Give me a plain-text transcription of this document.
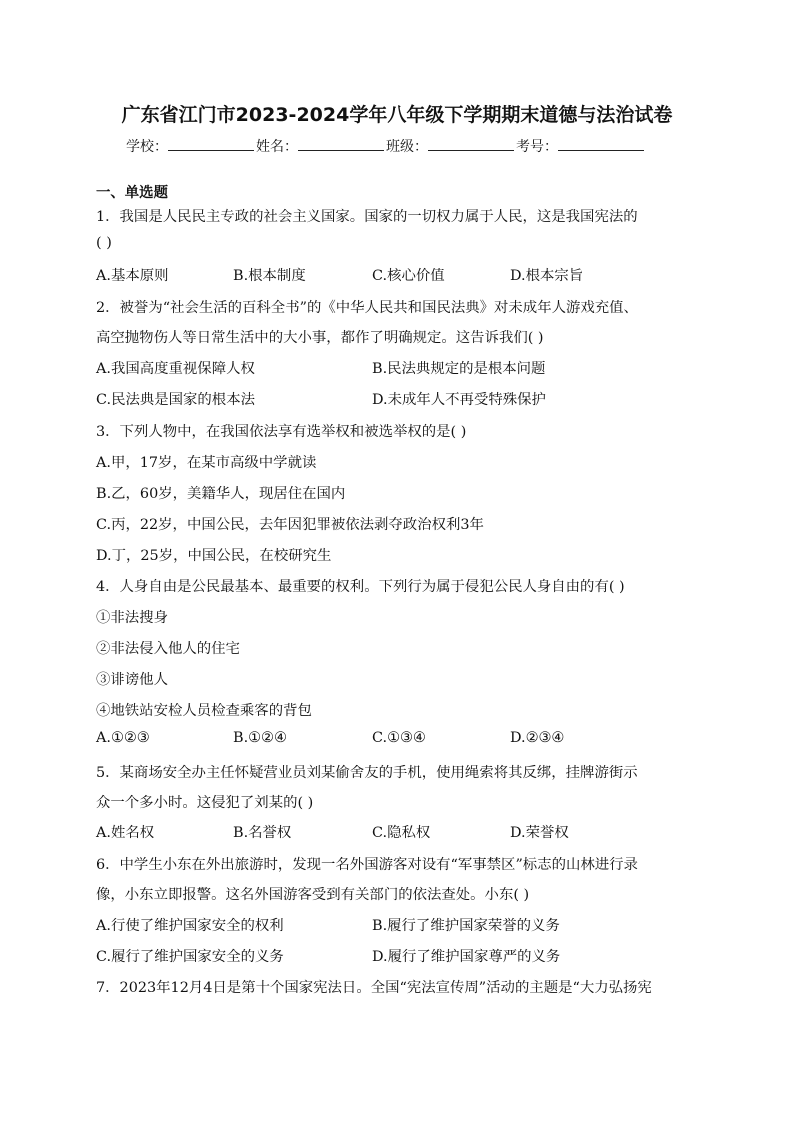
广东省江门市2023-2024学年八年级下学期期末道德与法治试卷
学校：	姓名：	班级：	考号：
一、单选题
1．我国是人民民主专政的社会主义国家。国家的一切权力属于人民，这是我国宪法的
( )
A.基本原则	B.根本制度	C.核心价值	D.根本宗旨
2．被誉为“社会生活的百科全书”的《中华人民共和国民法典》对未成年人游戏充值、
高空抛物伤人等日常生活中的大小事，都作了明确规定。这告诉我们( )
A.我国高度重视保障人权	B.民法典规定的是根本问题
C.民法典是国家的根本法	D.未成年人不再受特殊保护
3．下列人物中，在我国依法享有选举权和被选举权的是( )
A.甲，17岁，在某市高级中学就读
B.乙，60岁，美籍华人，现居住在国内
C.丙，22岁，中国公民，去年因犯罪被依法剥夺政治权利3年
D.丁，25岁，中国公民，在校研究生
4．人身自由是公民最基本、最重要的权利。下列行为属于侵犯公民人身自由的有( )
①非法搜身
②非法侵入他人的住宅
③诽谤他人
④地铁站安检人员检查乘客的背包
A.①②③	B.①②④	C.①③④	D.②③④
5．某商场安全办主任怀疑营业员刘某偷舍友的手机，使用绳索将其反绑，挂牌游街示
众一个多小时。这侵犯了刘某的( )
A.姓名权	B.名誉权	C.隐私权	D.荣誉权
6．中学生小东在外出旅游时，发现一名外国游客对设有“军事禁区”标志的山林进行录
像，小东立即报警。这名外国游客受到有关部门的依法查处。小东( )
A.行使了维护国家安全的权利	B.履行了维护国家荣誉的义务
C.履行了维护国家安全的义务	D.履行了维护国家尊严的义务
7．2023年12月4日是第十个国家宪法日。全国“宪法宣传周”活动的主题是“大力弘扬宪
